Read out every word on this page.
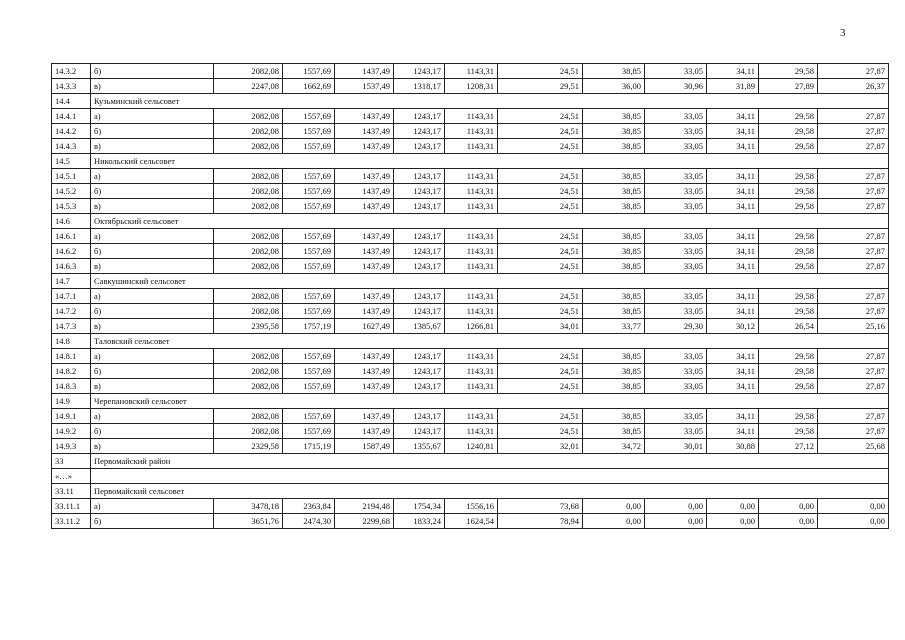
3
14.3.2	б)	2082,08	1557,69	1437,49	1243,17	1143,31	24,51	38,85	33,05	34,11	29,58	27,87
14.3.3	в)	2247,08	1662,69	1537,49	1318,17	1208,31	29,51	36,00	30,96	31,89	27,89	26,37
14.4	Кузьминский сельсовет											
14.4.1	а)	2082,08	1557,69	1437,49	1243,17	1143,31	24,51	38,85	33,05	34,11	29,58	27,87
14.4.2	б)	2082,08	1557,69	1437,49	1243,17	1143,31	24,51	38,85	33,05	34,11	29,58	27,87
14.4.3	в)	2082,08	1557,69	1437,49	1243,17	1143,31	24,51	38,85	33,05	34,11	29,58	27,87
14.5	Никольский сельсовет											
14.5.1	а)	2082,08	1557,69	1437,49	1243,17	1143,31	24,51	38,85	33,05	34,11	29,58	27,87
14.5.2	б)	2082,08	1557,69	1437,49	1243,17	1143,31	24,51	38,85	33,05	34,11	29,58	27,87
14.5.3	в)	2082,08	1557,69	1437,49	1243,17	1143,31	24,51	38,85	33,05	34,11	29,58	27,87
14.6	Октябрьский сельсовет											
14.6.1	а)	2082,08	1557,69	1437,49	1243,17	1143,31	24,51	38,85	33,05	34,11	29,58	27,87
14.6.2	б)	2082,08	1557,69	1437,49	1243,17	1143,31	24,51	38,85	33,05	34,11	29,58	27,87
14.6.3	в)	2082,08	1557,69	1437,49	1243,17	1143,31	24,51	38,85	33,05	34,11	29,58	27,87
14.7	Савкушинский сельсовет											
14.7.1	а)	2082,08	1557,69	1437,49	1243,17	1143,31	24,51	38,85	33,05	34,11	29,58	27,87
14.7.2	б)	2082,08	1557,69	1437,49	1243,17	1143,31	24,51	38,85	33,05	34,11	29,58	27,87
14.7.3	в)	2395,58	1757,19	1627,49	1385,67	1266,81	34,01	33,77	29,30	30,12	26,54	25,16
14.8	Таловский сельсовет											
14.8.1	а)	2082,08	1557,69	1437,49	1243,17	1143,31	24,51	38,85	33,05	34,11	29,58	27,87
14.8.2	б)	2082,08	1557,69	1437,49	1243,17	1143,31	24,51	38,85	33,05	34,11	29,58	27,87
14.8.3	в)	2082,08	1557,69	1437,49	1243,17	1143,31	24,51	38,85	33,05	34,11	29,58	27,87
14.9	Черепановский сельсовет											
14.9.1	а)	2082,08	1557,69	1437,49	1243,17	1143,31	24,51	38,85	33,05	34,11	29,58	27,87
14.9.2	б)	2082,08	1557,69	1437,49	1243,17	1143,31	24,51	38,85	33,05	34,11	29,58	27,87
14.9.3	в)	2329,58	1715,19	1587,49	1355,67	1240,81	32,01	34,72	30,01	30,88	27,12	25,68
33	Первомайский район											
«…»												
33.11	Первомайский сельсовет											
33.11.1	а)	3478,18	2363,84	2194,48	1754,34	1556,16	73,68	0,00	0,00	0,00	0,00	0,00
33.11.2	б)	3651,76	2474,30	2299,68	1833,24	1624,54	78,94	0,00	0,00	0,00	0,00	0,00
